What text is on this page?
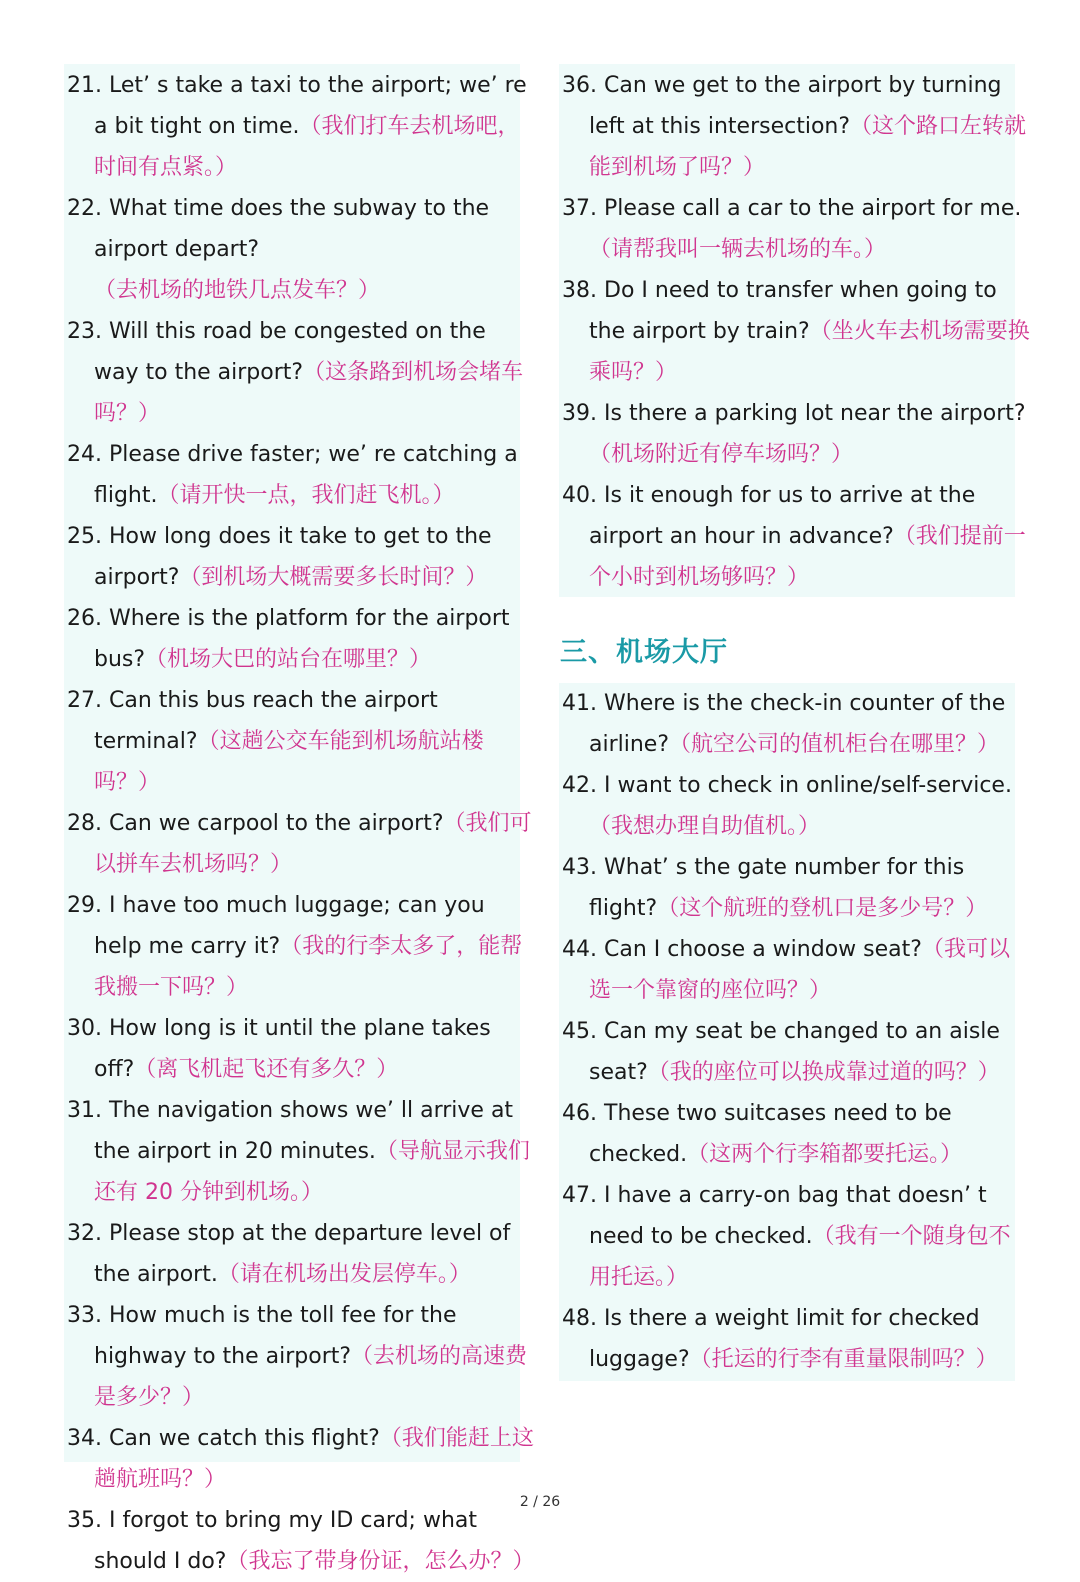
21. Let’ s take a taxi to the airport; we’ re a bit tight on time.（我们打车去机场吧，时间有点紧。）

22. What time does the subway to the airport depart?（去机场的地铁几点发车？）

23. Will this road be congested on the way to the airport?（这条路到机场会堵车吗？）

24. Please drive faster; we’ re catching a flight.（请开快一点，我们赶飞机。）

25. How long does it take to get to the airport?（到机场大概需要多长时间？）

26. Where is the platform for the airport bus?（机场大巴的站台在哪里？）

27. Can this bus reach the airport terminal?（这趟公交车能到机场航站楼吗？）

28. Can we carpool to the airport?（我们可以拼车去机场吗？）

29. I have too much luggage; can you help me carry it?（我的行李太多了，能帮我搬一下吗？）

30. How long is it until the plane takes off?（离飞机起飞还有多久？）

31. The navigation shows we’ ll arrive at the airport in 20 minutes.（导航显示我们还有 20 分钟到机场。）

32. Please stop at the departure level of the airport.（请在机场出发层停车。）

33. How much is the toll fee for the highway to the airport?（去机场的高速费是多少？）

34. Can we catch this flight?（我们能赶上这趟航班吗？）

35. I forgot to bring my ID card; what should I do?（我忘了带身份证，怎么办？）

36. Can we get to the airport by turning left at this intersection?（这个路口左转就能到机场了吗？）

37. Please call a car to the airport for me.（请帮我叫一辆去机场的车。）

38. Do I need to transfer when going to the airport by train?（坐火车去机场需要换乘吗？）

39. Is there a parking lot near the airport?（机场附近有停车场吗？）

40. Is it enough for us to arrive at the airport an hour in advance?（我们提前一个小时到机场够吗？）

三、机场大厅

41. Where is the check-in counter of the airline?（航空公司的值机柜台在哪里？）

42. I want to check in online/self-service.（我想办理自助值机。）

43. What’ s the gate number for this flight?（这个航班的登机口是多少号？）

44. Can I choose a window seat?（我可以选一个靠窗的座位吗？）

45. Can my seat be changed to an aisle seat?（我的座位可以换成靠过道的吗？）

46. These two suitcases need to be checked.（这两个行李箱都要托运。）

47. I have a carry-on bag that doesn’ t need to be checked.（我有一个随身包不用托运。）

48. Is there a weight limit for checked luggage?（托运的行李有重量限制吗？）

2 / 26
